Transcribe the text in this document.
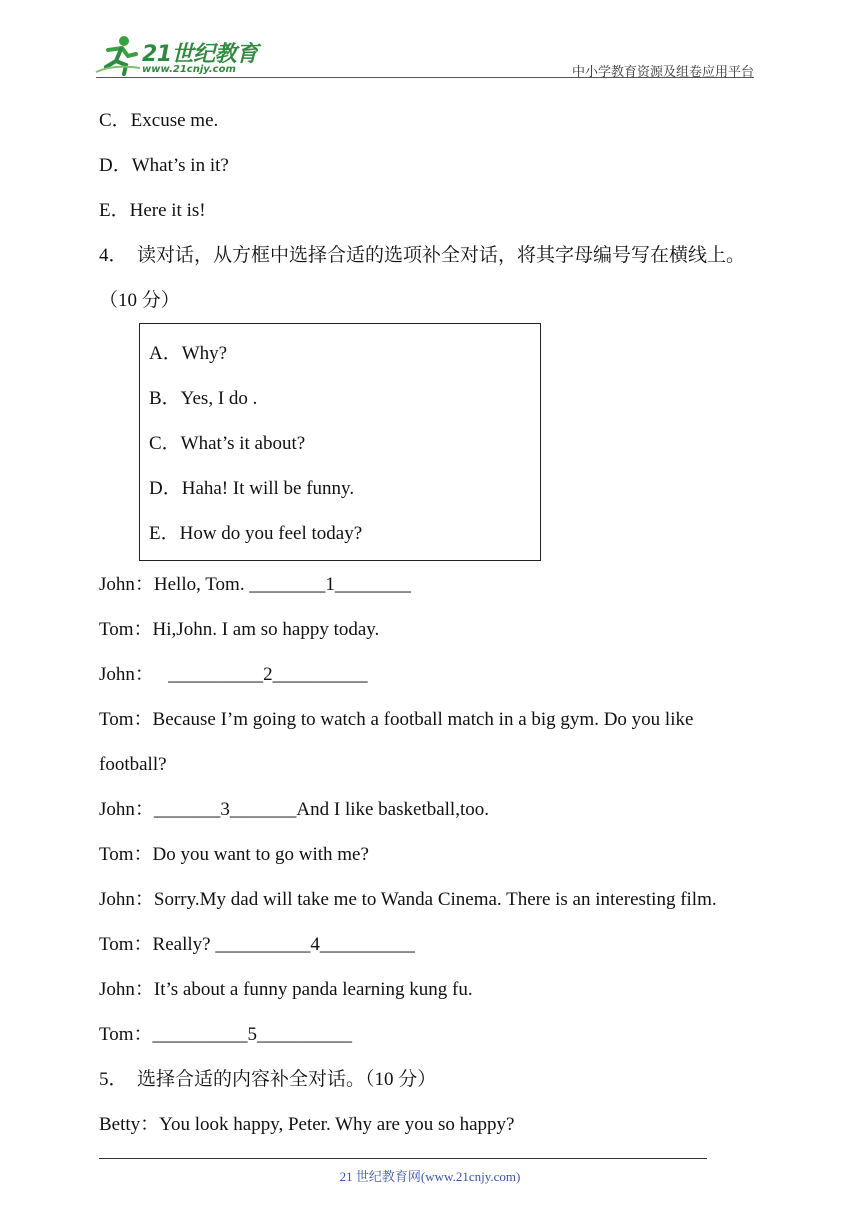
21世纪教育
www.21cnjy.com	中小学教育资源及组卷应用平台
C．Excuse me.
D．What’s in it?
E．Here it is!
4．  读对话，从方框中选择合适的选项补全对话，将其字母编号写在横线上。
（10 分）
A．Why?
B．Yes, I do .
C．What’s it about?
D．Haha! It will be funny.
E．How do you feel today?
John：Hello, Tom. ________1________
Tom：Hi,John. I am so happy today.
John：   __________2__________
Tom：Because I’m going to watch a football match in a big gym. Do you like
football?
John：_______3_______And I like basketball,too.
Tom：Do you want to go with me?
John：Sorry.My dad will take me to Wanda Cinema. There is an interesting film.
Tom：Really? __________4__________
John：It’s about a funny panda learning kung fu.
Tom：__________5__________
5．  选择合适的内容补全对话。（10 分）
Betty：You look happy, Peter. Why are you so happy?
21 世纪教育网(www.21cnjy.com)
